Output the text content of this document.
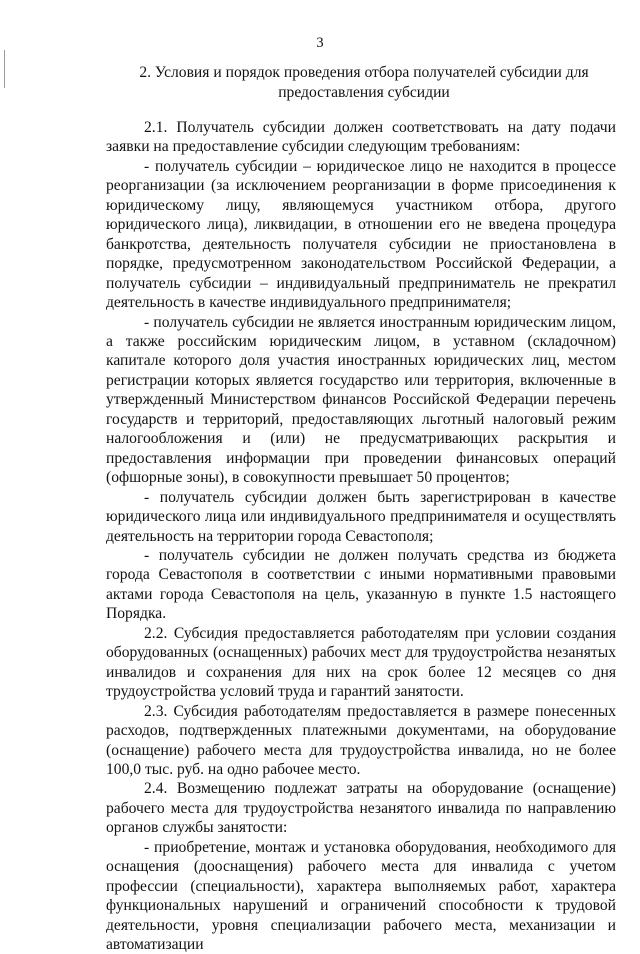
3
2. Условия и порядок проведения отбора получателей субсидии для предоставления субсидии

2.1. Получатель субсидии должен соответствовать на дату подачи заявки на предоставление субсидии следующим требованиям:

- получатель субсидии – юридическое лицо не находится в процессе реорганизации (за исключением реорганизации в форме присоединения к юридическому лицу, являющемуся участником отбора, другого юридического лица), ликвидации, в отношении его не введена процедура банкротства, деятельность получателя субсидии не приостановлена в порядке, предусмотренном законодательством Российской Федерации, а получатель субсидии – индивидуальный предприниматель не прекратил деятельность в качестве индивидуального предпринимателя;

- получатель субсидии не является иностранным юридическим лицом, а также российским юридическим лицом, в уставном (складочном) капитале которого доля участия иностранных юридических лиц, местом регистрации которых является государство или территория, включенные в утвержденный Министерством финансов Российской Федерации перечень государств и территорий, предоставляющих льготный налоговый режим налогообложения и (или) не предусматривающих раскрытия и предоставления информации при проведении финансовых операций (офшорные зоны), в совокупности превышает 50 процентов;

- получатель субсидии должен быть зарегистрирован в качестве юридического лица или индивидуального предпринимателя и осуществлять деятельность на территории города Севастополя;

- получатель субсидии не должен получать средства из бюджета города Севастополя в соответствии с иными нормативными правовыми актами города Севастополя на цель, указанную в пункте 1.5 настоящего Порядка.

2.2. Субсидия предоставляется работодателям при условии создания оборудованных (оснащенных) рабочих мест для трудоустройства незанятых инвалидов и сохранения для них на срок более 12 месяцев со дня трудоустройства условий труда и гарантий занятости.

2.3. Субсидия работодателям предоставляется в размере понесенных расходов, подтвержденных платежными документами, на оборудование (оснащение) рабочего места для трудоустройства инвалида, но не более 100,0 тыс. руб. на одно рабочее место.

2.4. Возмещению подлежат затраты на оборудование (оснащение) рабочего места для трудоустройства незанятого инвалида по направлению органов службы занятости:

- приобретение, монтаж и установка оборудования, необходимого для оснащения (дооснащения) рабочего места для инвалида с учетом профессии (специальности), характера выполняемых работ, характера функциональных нарушений и ограничений способности к трудовой деятельности, уровня специализации рабочего места, механизации и автоматизации
